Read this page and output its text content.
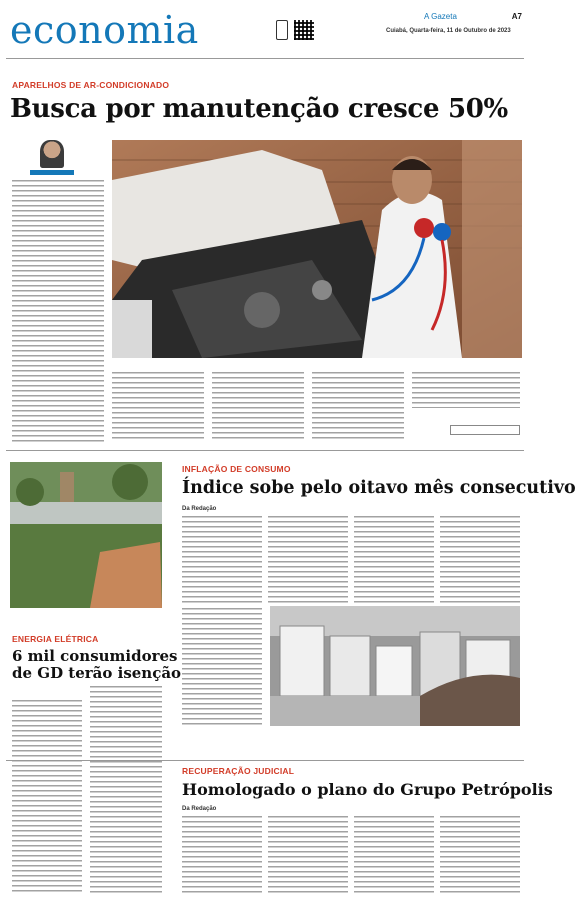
economia	A Gazeta	A7
Cuiabá, Quarta-feira, 11 de Outubro de 2023
APARELHOS DE AR-CONDICIONADO
Busca por manutenção cresce 50%
ENERGIA ELÉTRICA
6 mil consumidores
de GD terão isenção
INFLAÇÃO DE CONSUMO
Índice sobe pelo oitavo mês consecutivo
Da Redação
RECUPERAÇÃO JUDICIAL
Homologado o plano do Grupo Petrópolis
Da Redação
